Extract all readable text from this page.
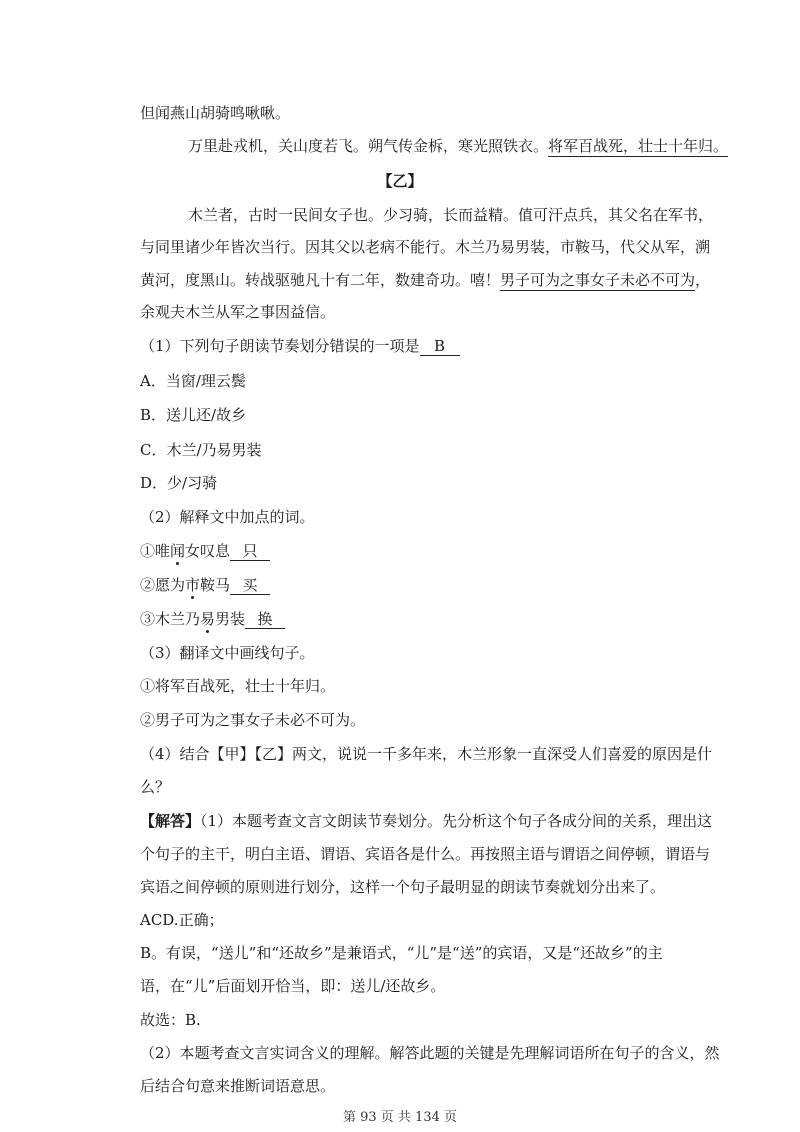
但闻燕山胡骑鸣啾啾。
万里赴戎机，关山度若飞。朔气传金柝，寒光照铁衣。将军百战死，壮士十年归。
【乙】
木兰者，古时一民间女子也。少习骑，长而益精。值可汗点兵，其父名在军书，
与同里诸少年皆次当行。因其父以老病不能行。木兰乃易男装，市鞍马，代父从军，溯
黄河，度黑山。转战驱驰凡十有二年，数建奇功。嘻！男子可为之事女子未必不可为，
余观夫木兰从军之事因益信。
（1）下列句子朗读节奏划分错误的一项是 B
A．当窗/理云鬓
B．送儿还/故乡
C．木兰/乃易男装
D．少/习骑
（2）解释文中加点的词。
①唯闻女叹息 只
②愿为市鞍马 买
③木兰乃易男装 换
（3）翻译文中画线句子。
①将军百战死，壮士十年归。
②男子可为之事女子未必不可为。
（4）结合【甲】【乙】两文，说说一千多年来，木兰形象一直深受人们喜爱的原因是什
么？
【解答】（1）本题考查文言文朗读节奏划分。先分析这个句子各成分间的关系，理出这
个句子的主干，明白主语、谓语、宾语各是什么。再按照主语与谓语之间停顿，谓语与
宾语之间停顿的原则进行划分，这样一个句子最明显的朗读节奏就划分出来了。
ACD.正确；
B。有误，“送儿”和“还故乡”是兼语式，“儿”是“送”的宾语，又是“还故乡”的主
语，在“儿”后面划开恰当，即：送儿/还故乡。
故选：B.
（2）本题考查文言实词含义的理解。解答此题的关键是先理解词语所在句子的含义，然
后结合句意来推断词语意思。
第 93 页 共 134 页
